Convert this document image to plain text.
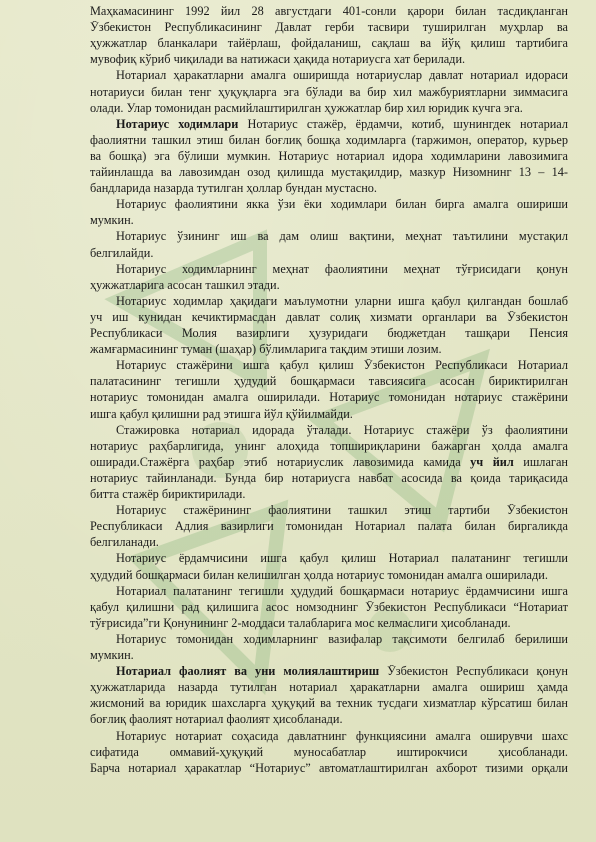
Маҳкамасининг 1992 йил 28 августдаги 401-сонли қарори билан тасдиқланган
Ўзбекистон Республикасининг Давлат герби тасвири туширилган муҳрлар ва
ҳужжатлар бланкалари тайёрлаш, фойдаланиш, сақлаш ва йўқ қилиш тартибига
мувофиқ кўриб чиқилади ва натижаси ҳақида нотариусга хат берилади.
Нотариал ҳаракатларни амалга оширишда нотариуслар давлат нотариал идораси
нотариуси билан тенг ҳуқуқларга эга бўлади ва бир хил мажбуриятларни зиммасига
олади. Улар томонидан расмийлаштирилган ҳужжатлар бир хил юридик кучга эга.
Нотариус ходимлари Нотариус стажёр, ёрдамчи, котиб, шунингдек нотариал
фаолиятни ташкил этиш билан боғлиқ бошқа ходимларга (таржимон, оператор, курьер
ва бошқа) эга бўлиши мумкин. Нотариус нотариал идора ходимларини лавозимига
тайинлашда ва лавозимдан озод қилишда мустақилдир, мазкур Низомнинг 13 – 14-
бандларида назарда тутилган ҳоллар бундан мустасно.
Нотариус фаолиятини якка ўзи ёки ходимлари билан бирга амалга ошириши
мумкин.
Нотариус ўзининг иш ва дам олиш вақтини, меҳнат таътилини мустақил
белгилайди.
Нотариус ходимларнинг меҳнат фаолиятини меҳнат тўғрисидаги қонун
ҳужжатларига асосан ташкил этади.
Нотариус ходимлар ҳақидаги маълумотни уларни ишга қабул қилгандан бошлаб
уч иш кунидан кечиктирмасдан давлат солиқ хизмати органлари ва Ўзбекистон
Республикаси Молия вазирлиги ҳузуридаги бюджетдан ташқари Пенсия
жамғармасининг туман (шаҳар) бўлимларига тақдим этиши лозим.
Нотариус стажёрини ишга қабул қилиш Ўзбекистон Республикаси Нотариал
палатасининг тегишли ҳудудий бошқармаси тавсиясига асосан бириктирилган
нотариус томонидан амалга оширилади. Нотариус томонидан нотариус стажёрини
ишга қабул қилишни рад этишга йўл қўйилмайди.
Стажировка нотариал идорада ўталади. Нотариус стажёри ўз фаолиятини
нотариус раҳбарлигида, унинг алоҳида топшириқларини бажарган ҳолда амалга
оширади.Стажёрга раҳбар этиб нотариуслик лавозимида камида уч йил ишлаган
нотариус тайинланади. Бунда бир нотариусга навбат асосида ва қоида тариқасида
битта стажёр бириктирилади.
Нотариус стажёрининг фаолиятини ташкил этиш тартиби Ўзбекистон
Республикаси Адлия вазирлиги томонидан Нотариал палата билан биргаликда
белгиланади.
Нотариус ёрдамчисини ишга қабул қилиш Нотариал палатанинг тегишли
ҳудудий бошқармаси билан келишилган ҳолда нотариус томонидан амалга оширилади.
Нотариал палатанинг тегишли ҳудудий бошқармаси нотариус ёрдамчисини ишга
қабул қилишни рад қилишига асос номзоднинг Ўзбекистон Республикаси “Нотариат
тўғрисида”ги Қонунининг 2-моддаси талабларига мос келмаслиги ҳисобланади.
Нотариус томонидан ходимларнинг вазифалар тақсимоти белгилаб берилиши
мумкин.
Нотариал фаолият ва уни молиялаштириш Ўзбекистон Республикаси қонун
ҳужжатларида назарда тутилган нотариал ҳаракатларни амалга ошириш ҳамда
жисмоний ва юридик шахсларга ҳуқуқий ва техник тусдаги хизматлар кўрсатиш билан
боғлиқ фаолият нотариал фаолият ҳисобланади.
Нотариус нотариат соҳасида давлатнинг функциясини амалга оширувчи шахс
сифатида оммавий-ҳуқуқий муносабатлар иштирокчиси ҳисобланади.
Барча нотариал ҳаракатлар “Нотариус” автоматлаштирилган ахборот тизими орқали
